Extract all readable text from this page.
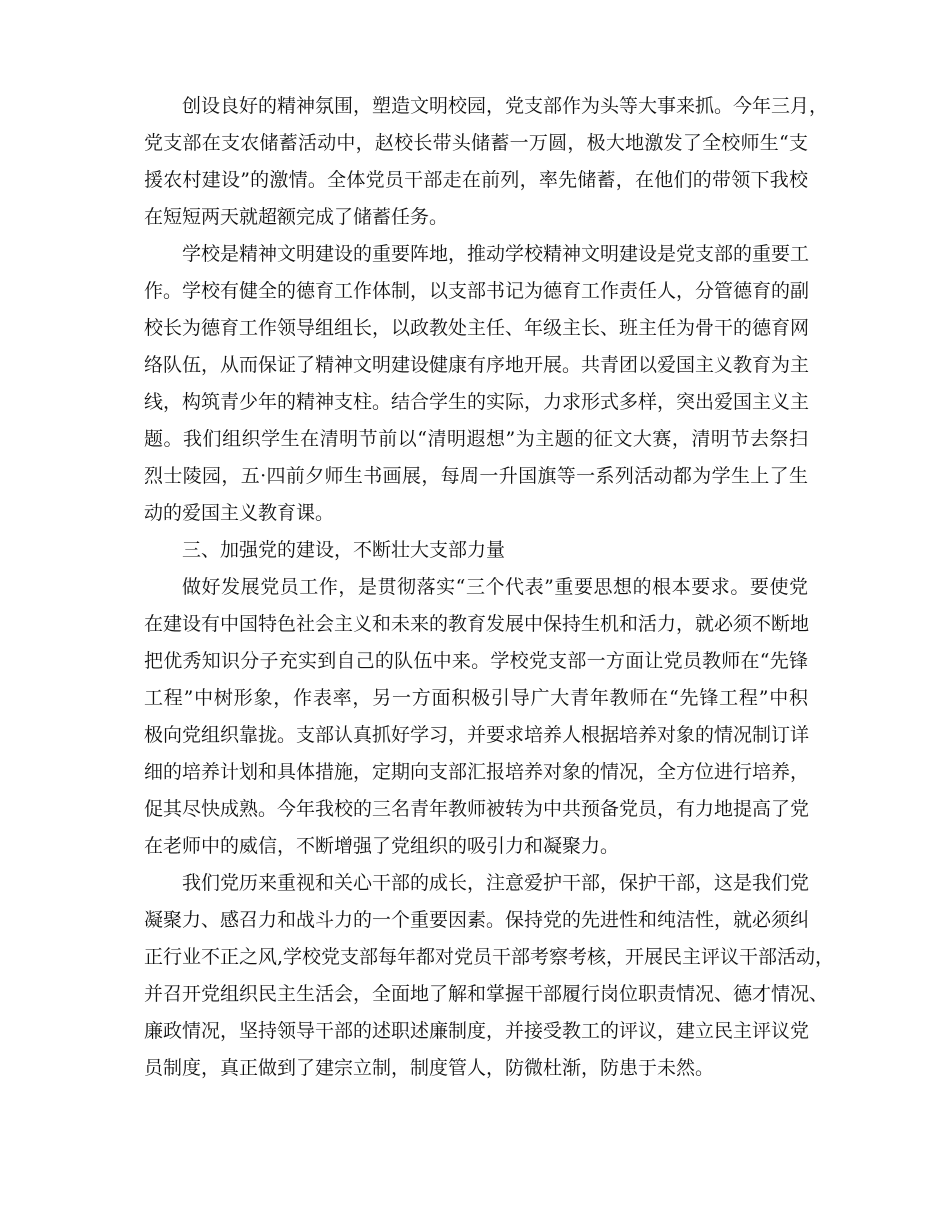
创设良好的精神氛围，塑造文明校园，党支部作为头等大事来抓。今年三月，
党支部在支农储蓄活动中，赵校长带头储蓄一万圆，极大地激发了全校师生“支
援农村建设”的激情。全体党员干部走在前列，率先储蓄，在他们的带领下我校
在短短两天就超额完成了储蓄任务。
学校是精神文明建设的重要阵地，推动学校精神文明建设是党支部的重要工
作。学校有健全的德育工作体制，以支部书记为德育工作责任人，分管德育的副
校长为德育工作领导组组长，以政教处主任、年级主长、班主任为骨干的德育网
络队伍，从而保证了精神文明建设健康有序地开展。共青团以爱国主义教育为主
线，构筑青少年的精神支柱。结合学生的实际，力求形式多样，突出爱国主义主
题。我们组织学生在清明节前以“清明遐想”为主题的征文大赛，清明节去祭扫
烈士陵园，五·四前夕师生书画展，每周一升国旗等一系列活动都为学生上了生
动的爱国主义教育课。
三、加强党的建设，不断壮大支部力量
做好发展党员工作，是贯彻落实“三个代表”重要思想的根本要求。要使党
在建设有中国特色社会主义和未来的教育发展中保持生机和活力，就必须不断地
把优秀知识分子充实到自己的队伍中来。学校党支部一方面让党员教师在“先锋
工程”中树形象，作表率，另一方面积极引导广大青年教师在“先锋工程”中积
极向党组织靠拢。支部认真抓好学习，并要求培养人根据培养对象的情况制订详
细的培养计划和具体措施，定期向支部汇报培养对象的情况，全方位进行培养，
促其尽快成熟。今年我校的三名青年教师被转为中共预备党员，有力地提高了党
在老师中的威信，不断增强了党组织的吸引力和凝聚力。
我们党历来重视和关心干部的成长，注意爱护干部，保护干部，这是我们党
凝聚力、感召力和战斗力的一个重要因素。保持党的先进性和纯洁性，就必须纠
正行业不正之风,学校党支部每年都对党员干部考察考核，开展民主评议干部活动，
并召开党组织民主生活会，全面地了解和掌握干部履行岗位职责情况、德才情况、
廉政情况，坚持领导干部的述职述廉制度，并接受教工的评议，建立民主评议党
员制度，真正做到了建宗立制，制度管人，防微杜渐，防患于未然。
